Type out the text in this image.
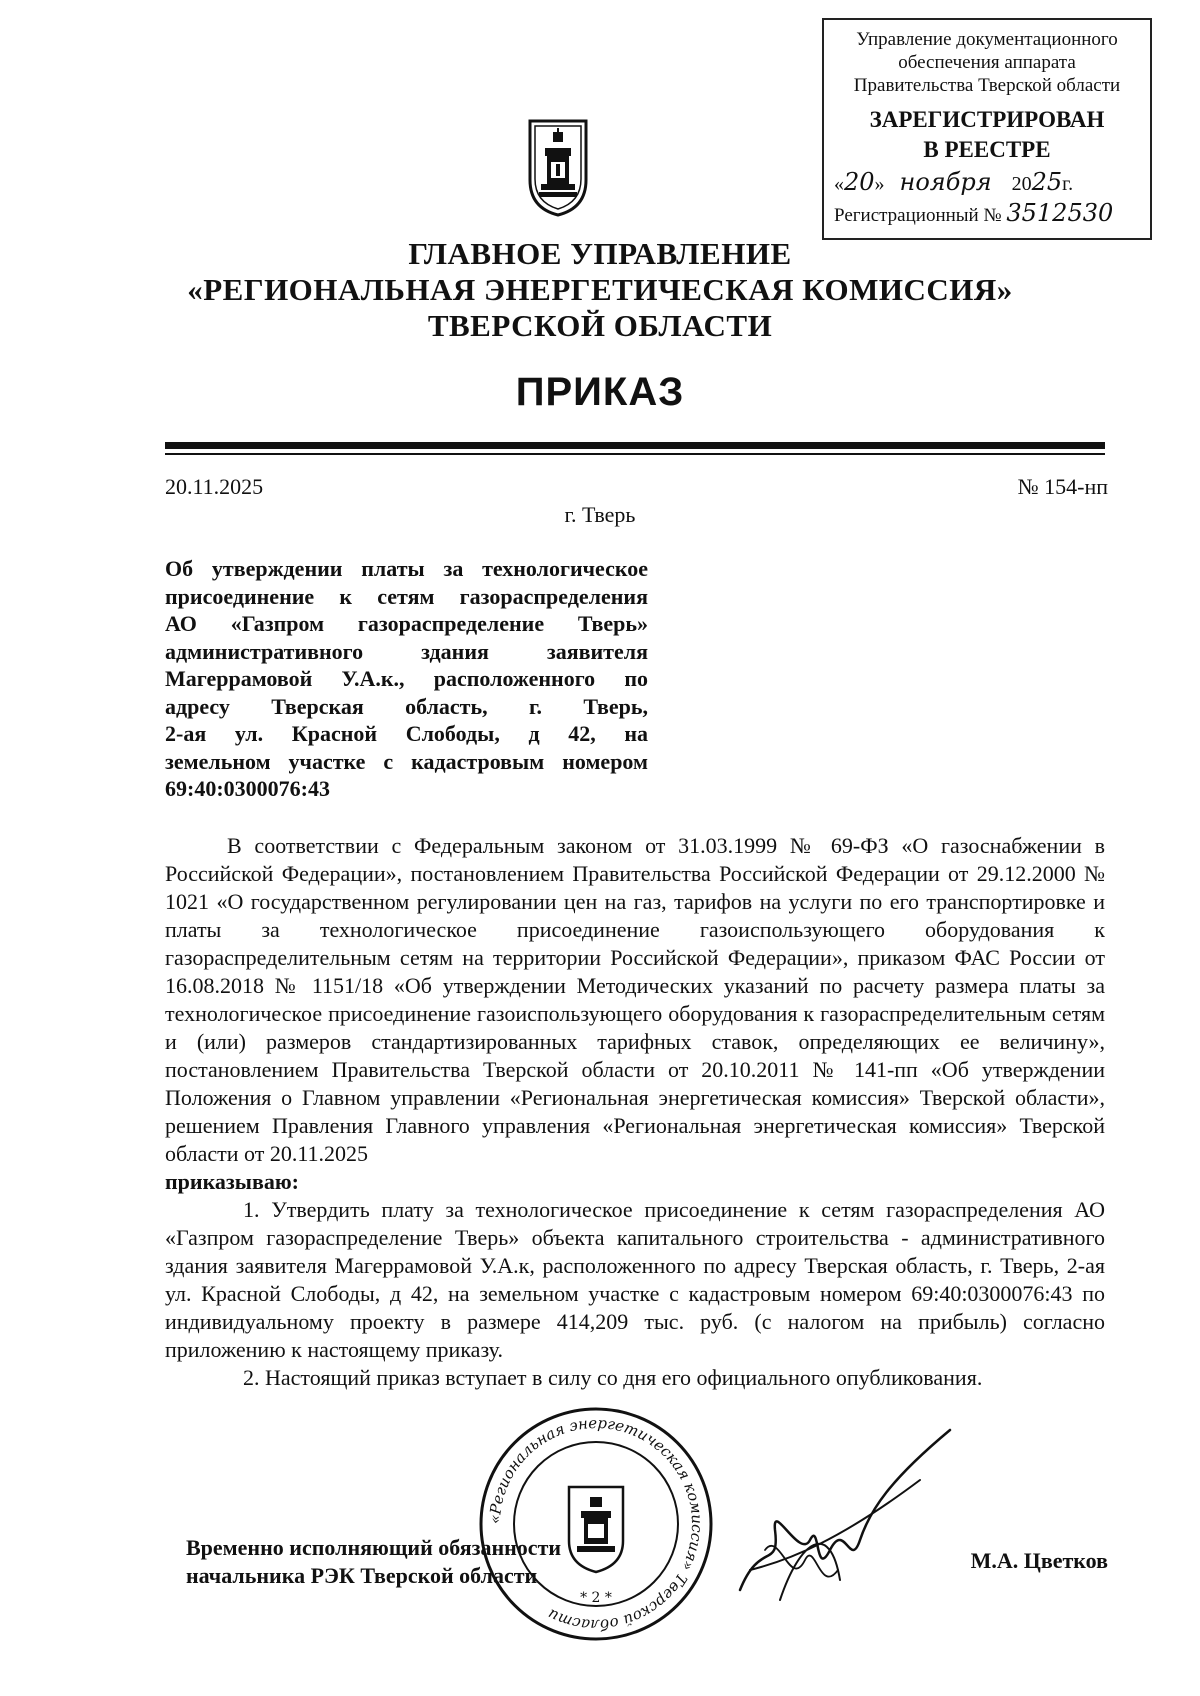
Управление документационного
обеспечения аппарата
Правительства Тверской области
ЗАРЕГИСТРИРОВАН
В РЕЕСТРЕ
«20»   ноября 2025г.
Регистрационный № 3512530
ГЛАВНОЕ УПРАВЛЕНИЕ
«РЕГИОНАЛЬНАЯ ЭНЕРГЕТИЧЕСКАЯ КОМИССИЯ»
ТВЕРСКОЙ ОБЛАСТИ
ПРИКАЗ
20.11.2025	№ 154-нп
г. Тверь
Об утверждении платы за технологическое
присоединение к сетям газораспределения
АО «Газпром газораспределение Тверь»
административного здания заявителя
Магеррамовой У.А.к., расположенного по
адресу Тверская область, г. Тверь,
2-ая ул. Красной Слободы, д 42, на
земельном участке с кадастровым номером
69:40:0300076:43

В соответствии с Федеральным законом от 31.03.1999 № 69-ФЗ «О газоснабжении в Российской Федерации», постановлением Правительства Российской Федерации от 29.12.2000 № 1021 «О государственном регулировании цен на газ, тарифов на услуги по его транспортировке и платы за технологическое присоединение газоиспользующего оборудования к газораспределительным сетям на территории Российской Федерации», приказом ФАС России от 16.08.2018 № 1151/18 «Об утверждении Методических указаний по расчету размера платы за технологическое присоединение газоиспользующего оборудования к газораспределительным сетям и (или) размеров стандартизированных тарифных ставок, определяющих ее величину», постановлением Правительства Тверской области от 20.10.2011 № 141-пп «Об утверждении Положения о Главном управлении «Региональная энергетическая комиссия» Тверской области», решением Правления Главного управления «Региональная энергетическая комиссия» Тверской области от 20.11.2025

приказываю:

1. Утвердить плату за технологическое присоединение к сетям газораспределения АО «Газпром газораспределение Тверь» объекта капитального строительства - административного здания заявителя Магеррамовой У.А.к, расположенного по адресу Тверская область, г. Тверь, 2-ая ул. Красной Слободы, д 42, на земельном участке с кадастровым номером 69:40:0300076:43 по индивидуальному проекту в размере 414,209 тыс. руб. (с налогом на прибыль) согласно приложению к настоящему приказу.

2. Настоящий приказ вступает в силу со дня его официального опубликования.

Временно исполняющий обязанности
начальника РЭК Тверской области
«Региональная энергетическая комиссия» Тверской области
* 2 *
М.А. Цветков
